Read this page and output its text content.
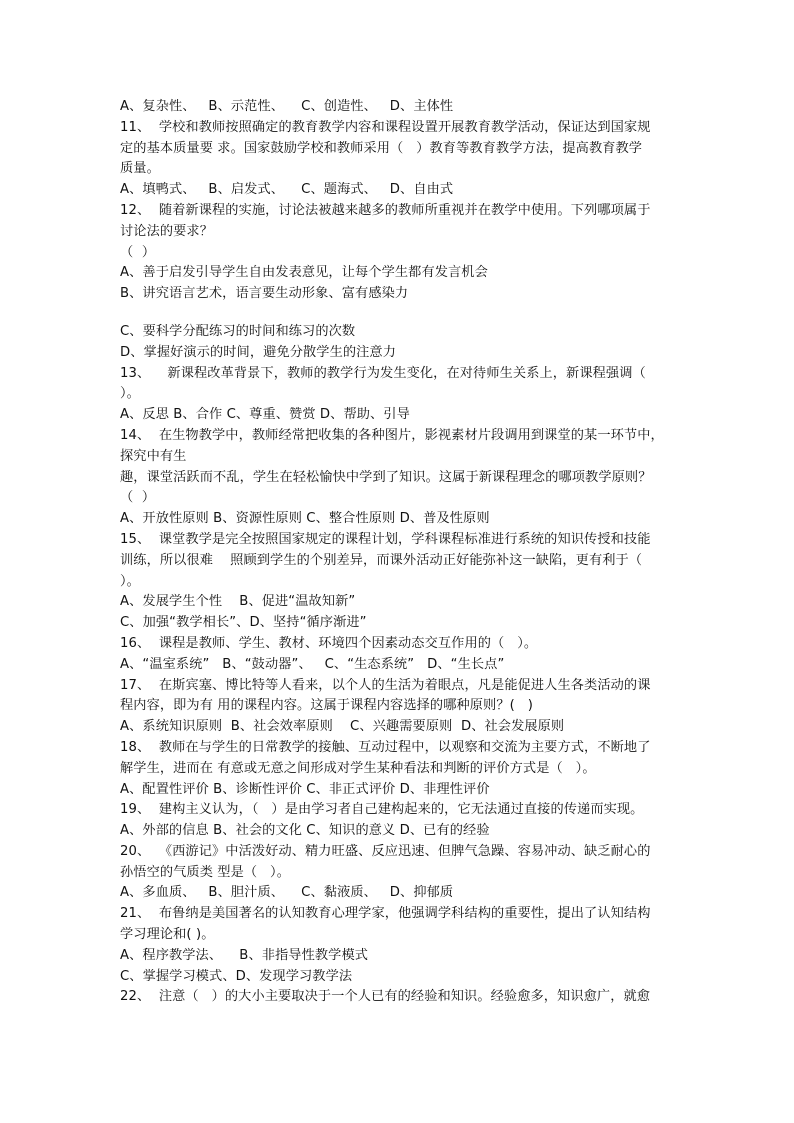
A、复杂性、   B、示范性、    C、创造性、   D、主体性
11、  学校和教师按照确定的教育教学内容和课程设置开展教育教学活动，保证达到国家规
定的基本质量要 求。国家鼓励学校和教师采用（   ）教育等教育教学方法，提高教育教学
质量。
A、填鸭式、   B、启发式、    C、题海式、   D、自由式
12、  随着新课程的实施，讨论法被越来越多的教师所重视并在教学中使用。下列哪项属于
讨论法的要求？
（  ）
A、善于启发引导学生自由发表意见，让每个学生都有发言机会
B、讲究语言艺术，语言要生动形象、富有感染力
C、要科学分配练习的时间和练习的次数
D、掌握好演示的时间，避免分散学生的注意力
13、    新课程改革背景下，教师的教学行为发生变化，在对待师生关系上，新课程强调（
）。
A、反思 B、合作 C、尊重、赞赏 D、帮助、引导
14、  在生物教学中，教师经常把收集的各种图片，影视素材片段调用到课堂的某一环节中，
探究中有生
趣，课堂活跃而不乱，学生在轻松愉快中学到了知识。这属于新课程理念的哪项教学原则？
（  ）
A、开放性原则 B、资源性原则 C、整合性原则 D、普及性原则
15、  课堂教学是完全按照国家规定的课程计划，学科课程标准进行系统的知识传授和技能
训练，所以很难    照顾到学生的个别差异，而课外活动正好能弥补这一缺陷，更有利于（
）。
A、发展学生个性    B、促进“温故知新”
C、加强“教学相长”、D、坚持“循序渐进”
16、  课程是教师、学生、教材、环境四个因素动态交互作用的（   ）。
A、“温室系统”   B、“鼓动器”、   C、“生态系统”   D、“生长点”
17、  在斯宾塞、博比特等人看来，以个人的生活为着眼点，凡是能促进人生各类活动的课
程内容，即为有 用的课程内容。这属于课程内容选择的哪种原则？(   )
A、系统知识原则  B、社会效率原则    C、兴趣需要原则  D、社会发展原则
18、  教师在与学生的日常教学的接触、互动过程中，以观察和交流为主要方式，不断地了
解学生，进而在 有意或无意之间形成对学生某种看法和判断的评价方式是（   ）。
A、配置性评价 B、诊断性评价 C、非正式评价 D、非理性评价
19、  建构主义认为，（   ）是由学习者自己建构起来的，它无法通过直接的传递而实现。
A、外部的信息 B、社会的文化 C、知识的意义 D、已有的经验
20、  《西游记》中活泼好动、精力旺盛、反应迅速、但脾气急躁、容易冲动、缺乏耐心的
孙悟空的气质类 型是（   ）。
A、多血质、   B、胆汁质、    C、黏液质、   D、抑郁质
21、  布鲁纳是美国著名的认知教育心理学家，他强调学科结构的重要性，提出了认知结构
学习理论和( )。
A、程序教学法、    B、非指导性教学模式
C、掌握学习模式、D、发现学习教学法
22、  注意（   ）的大小主要取决于一个人已有的经验和知识。经验愈多，知识愈广，就愈
